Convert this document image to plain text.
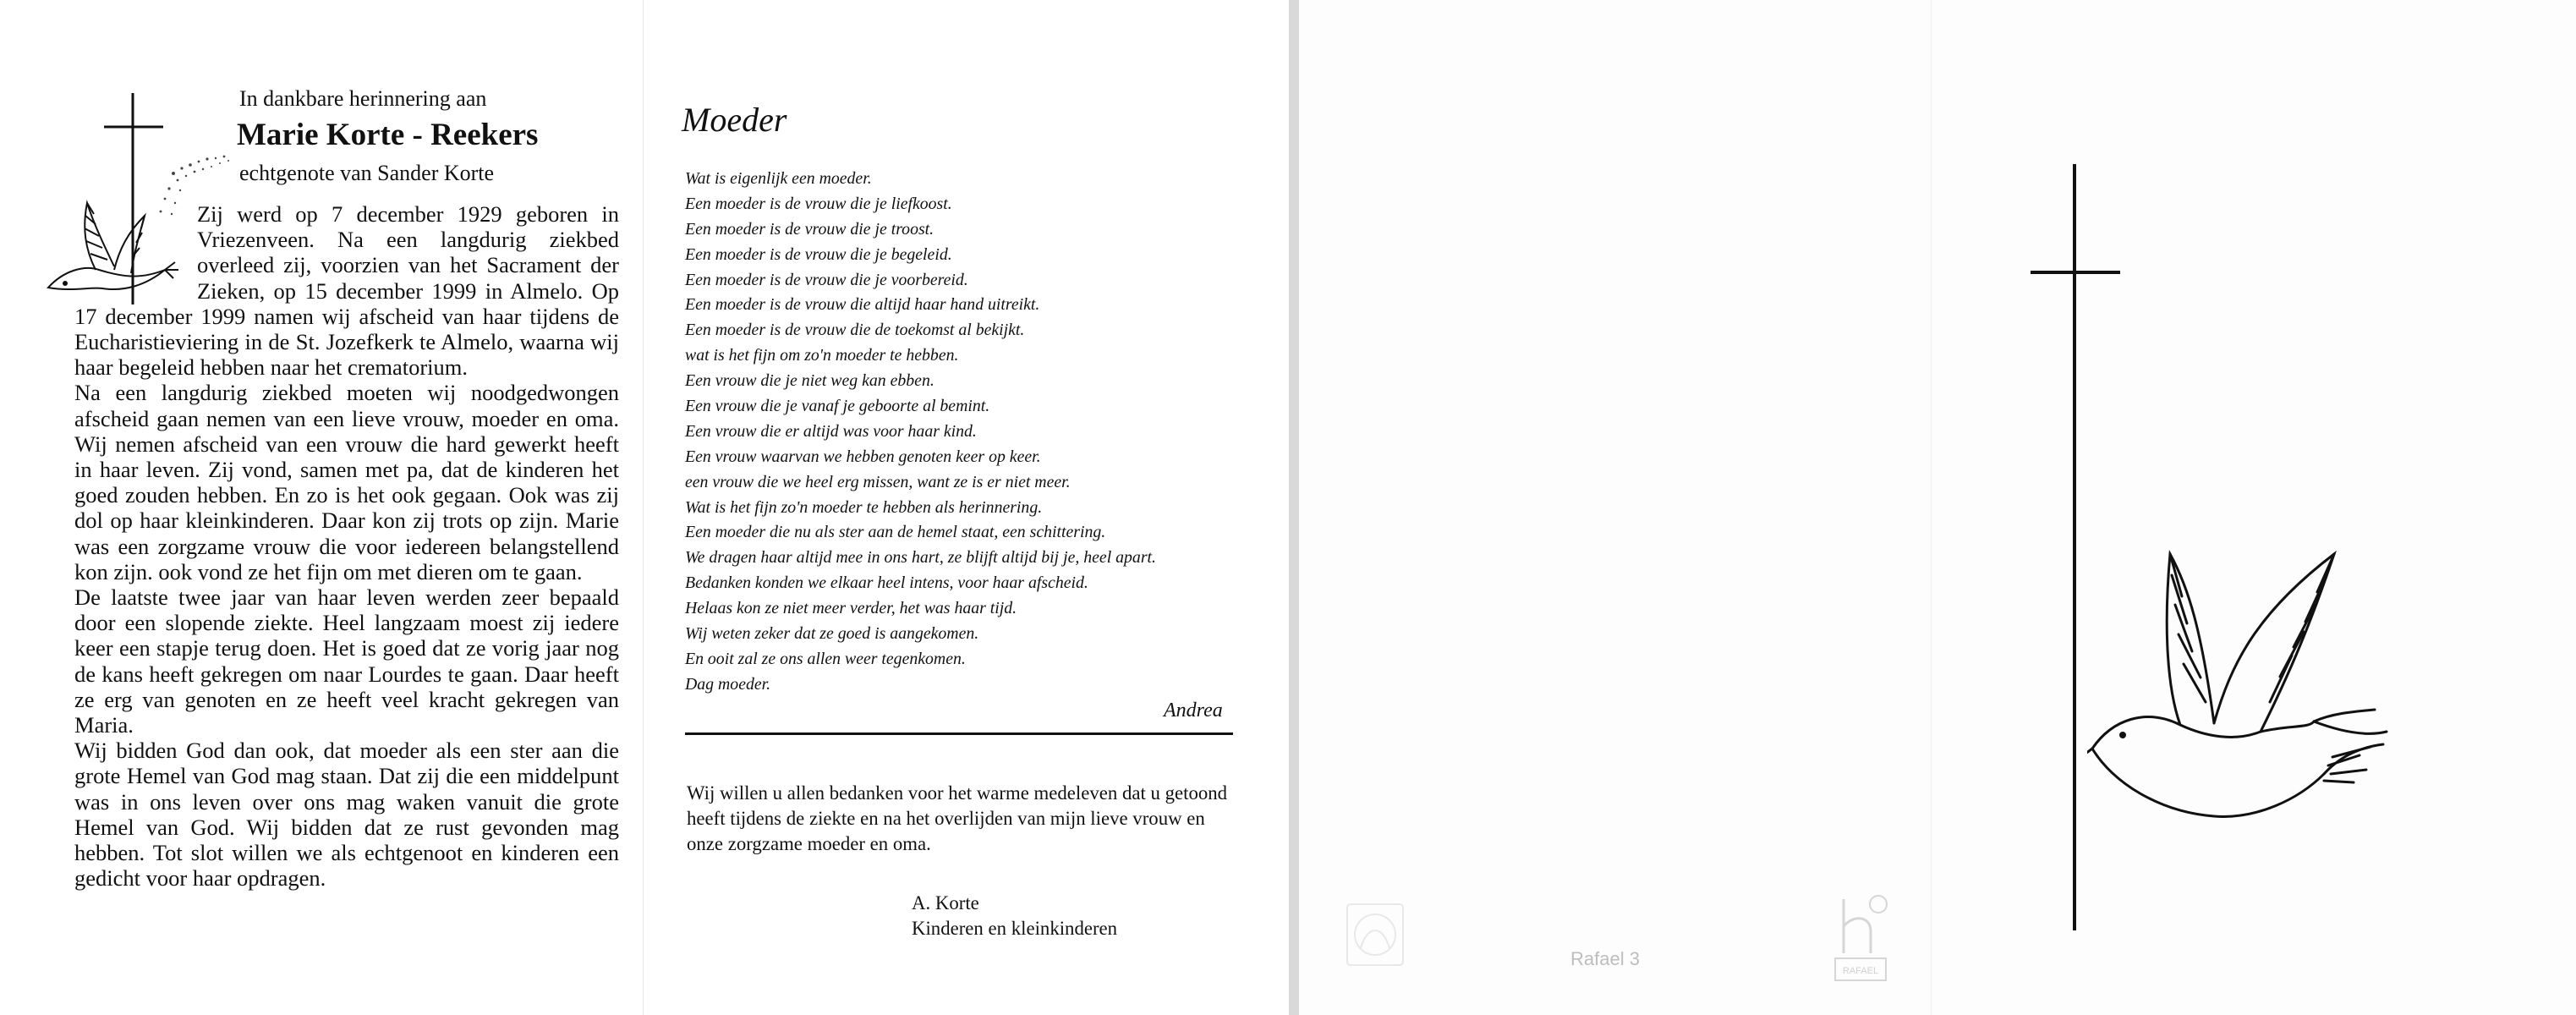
In dankbare herinnering aan
Marie Korte - Reekers
echtgenote van Sander Korte

Zij werd op 7 december 1929 geboren in Vriezenveen. Na een langdurig ziekbed overleed zij, voorzien van het Sacrament der Zieken, op 15 december 1999 in Almelo. Op 17 december 1999 namen wij afscheid van haar tijdens de Eucharistieviering in de St. Jozefkerk te Almelo, waarna wij haar begeleid hebben naar het crematorium.

Na een langdurig ziekbed moeten wij noodgedwongen afscheid gaan nemen van een lieve vrouw, moeder en oma. Wij nemen afscheid van een vrouw die hard gewerkt heeft in haar leven. Zij vond, samen met pa, dat de kinderen het goed zouden hebben. En zo is het ook gegaan. Ook was zij dol op haar kleinkinderen. Daar kon zij trots op zijn. Marie was een zorgzame vrouw die voor iedereen belangstellend kon zijn. ook vond ze het fijn om met dieren om te gaan.

De laatste twee jaar van haar leven werden zeer bepaald door een slopende ziekte. Heel langzaam moest zij iedere keer een stapje terug doen. Het is goed dat ze vorig jaar nog de kans heeft gekregen om naar Lourdes te gaan. Daar heeft ze erg van genoten en ze heeft veel kracht gekregen van Maria.

Wij bidden God dan ook, dat moeder als een ster aan die grote Hemel van God mag staan. Dat zij die een middelpunt was in ons leven over ons mag waken vanuit die grote Hemel van God. Wij bidden dat ze rust gevonden mag hebben. Tot slot willen we als echtgenoot en kinderen een gedicht voor haar opdragen.

Moeder
Wat is eigenlijk een moeder.
Een moeder is de vrouw die je liefkoost.
Een moeder is de vrouw die je troost.
Een moeder is de vrouw die je begeleid.
Een moeder is de vrouw die je voorbereid.
Een moeder is de vrouw die altijd haar hand uitreikt.
Een moeder is de vrouw die de toekomst al bekijkt.
wat is het fijn om zo'n moeder te hebben.
Een vrouw die je niet weg kan ebben.
Een vrouw die je vanaf je geboorte al bemint.
Een vrouw die er altijd was voor haar kind.
Een vrouw waarvan we hebben genoten keer op keer.
een vrouw die we heel erg missen, want ze is er niet meer.
Wat is het fijn zo'n moeder te hebben als herinnering.
Een moeder die nu als ster aan de hemel staat, een schittering.
We dragen haar altijd mee in ons hart, ze blijft altijd bij je, heel apart.
Bedanken konden we elkaar heel intens, voor haar afscheid.
Helaas kon ze niet meer verder, het was haar tijd.
Wij weten zeker dat ze goed is aangekomen.
En ooit zal ze ons allen weer tegenkomen.
Dag moeder.
Andrea
Wij willen u allen bedanken voor het warme medeleven dat u getoond heeft tijdens de ziekte en na het overlijden van mijn lieve vrouw en onze zorgzame moeder en oma.
A. Korte
Kinderen en kleinkinderen
Rafael 3
RAFAEL
